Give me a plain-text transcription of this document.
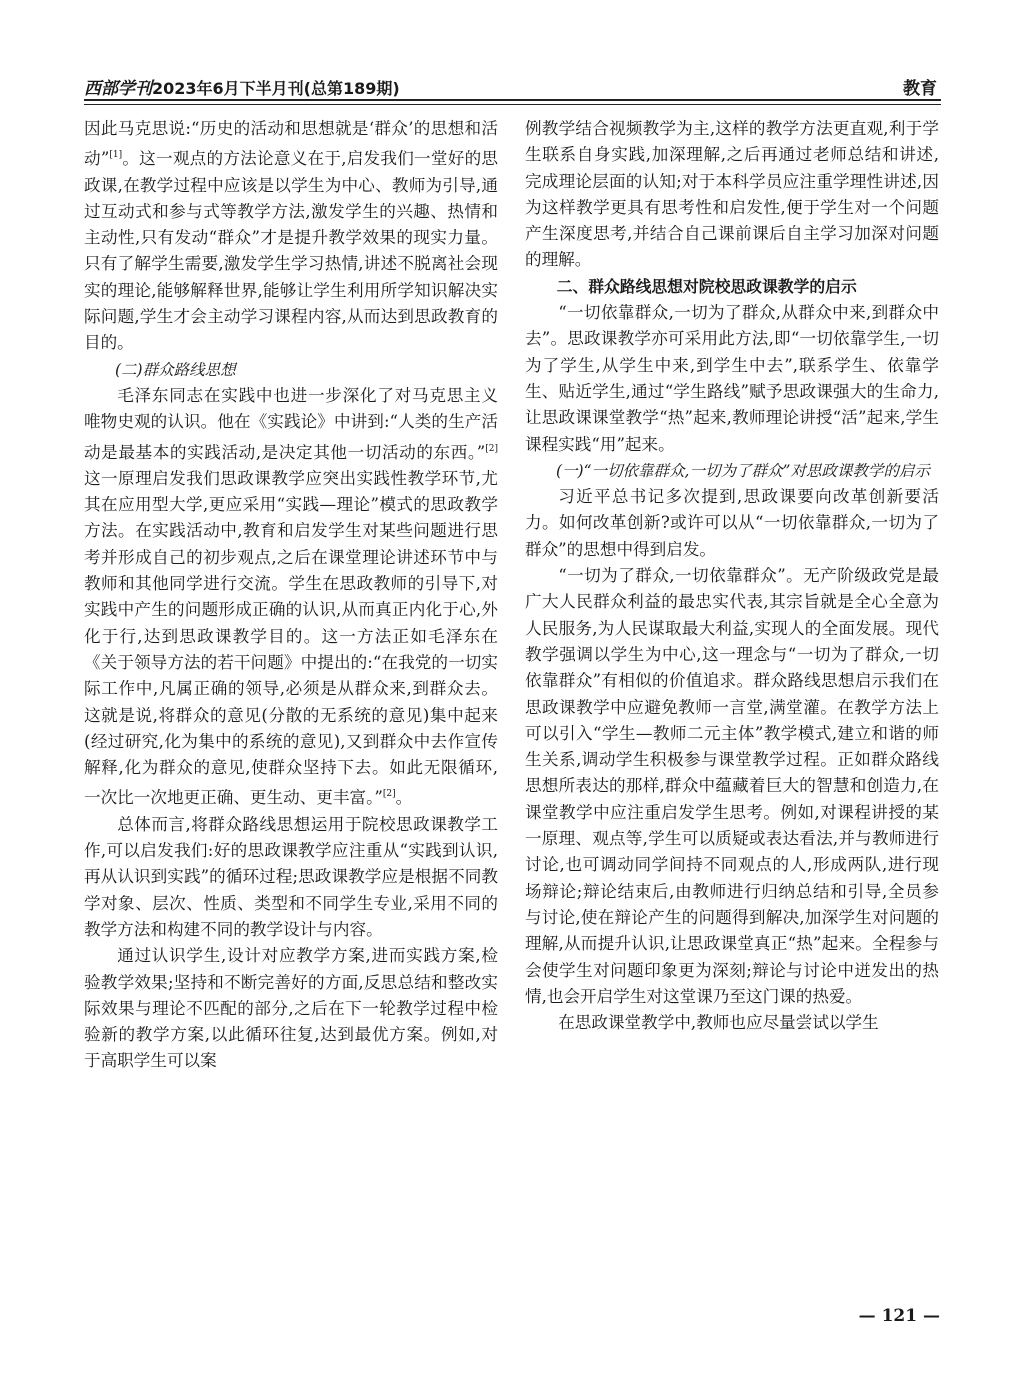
西部学刊2023年6月下半月刊(总第189期)	教育

因此马克思说:“历史的活动和思想就是‘群众’的思想和活动”[1]。这一观点的方法论意义在于,启发我们一堂好的思政课,在教学过程中应该是以学生为中心、教师为引导,通过互动式和参与式等教学方法,激发学生的兴趣、热情和主动性,只有发动“群众”才是提升教学效果的现实力量。只有了解学生需要,激发学生学习热情,讲述不脱离社会现实的理论,能够解释世界,能够让学生利用所学知识解决实际问题,学生才会主动学习课程内容,从而达到思政教育的目的。

(二)群众路线思想

毛泽东同志在实践中也进一步深化了对马克思主义唯物史观的认识。他在《实践论》中讲到:“人类的生产活动是最基本的实践活动,是决定其他一切活动的东西。”[2]这一原理启发我们思政课教学应突出实践性教学环节,尤其在应用型大学,更应采用“实践—理论”模式的思政教学方法。在实践活动中,教育和启发学生对某些问题进行思考并形成自己的初步观点,之后在课堂理论讲述环节中与教师和其他同学进行交流。学生在思政教师的引导下,对实践中产生的问题形成正确的认识,从而真正内化于心,外化于行,达到思政课教学目的。这一方法正如毛泽东在《关于领导方法的若干问题》中提出的:“在我党的一切实际工作中,凡属正确的领导,必须是从群众来,到群众去。这就是说,将群众的意见(分散的无系统的意见)集中起来(经过研究,化为集中的系统的意见),又到群众中去作宣传解释,化为群众的意见,使群众坚持下去。如此无限循环,一次比一次地更正确、更生动、更丰富。”[2]。

总体而言,将群众路线思想运用于院校思政课教学工作,可以启发我们:好的思政课教学应注重从“实践到认识,再从认识到实践”的循环过程;思政课教学应是根据不同教学对象、层次、性质、类型和不同学生专业,采用不同的教学方法和构建不同的教学设计与内容。

通过认识学生,设计对应教学方案,进而实践方案,检验教学效果;坚持和不断完善好的方面,反思总结和整改实际效果与理论不匹配的部分,之后在下一轮教学过程中检验新的教学方案,以此循环往复,达到最优方案。例如,对于高职学生可以案

例教学结合视频教学为主,这样的教学方法更直观,利于学生联系自身实践,加深理解,之后再通过老师总结和讲述,完成理论层面的认知;对于本科学员应注重学理性讲述,因为这样教学更具有思考性和启发性,便于学生对一个问题产生深度思考,并结合自己课前课后自主学习加深对问题的理解。

二、群众路线思想对院校思政课教学的启示

“一切依靠群众,一切为了群众,从群众中来,到群众中去”。思政课教学亦可采用此方法,即“一切依靠学生,一切为了学生,从学生中来,到学生中去”,联系学生、依靠学生、贴近学生,通过“学生路线”赋予思政课强大的生命力,让思政课课堂教学“热”起来,教师理论讲授“活”起来,学生课程实践“用”起来。

(一)“一切依靠群众,一切为了群众”对思政课教学的启示

习近平总书记多次提到,思政课要向改革创新要活力。如何改革创新?或许可以从“一切依靠群众,一切为了群众”的思想中得到启发。

“一切为了群众,一切依靠群众”。无产阶级政党是最广大人民群众利益的最忠实代表,其宗旨就是全心全意为人民服务,为人民谋取最大利益,实现人的全面发展。现代教学强调以学生为中心,这一理念与“一切为了群众,一切依靠群众”有相似的价值追求。群众路线思想启示我们在思政课教学中应避免教师一言堂,满堂灌。在教学方法上可以引入“学生—教师二元主体”教学模式,建立和谐的师生关系,调动学生积极参与课堂教学过程。正如群众路线思想所表达的那样,群众中蕴藏着巨大的智慧和创造力,在课堂教学中应注重启发学生思考。例如,对课程讲授的某一原理、观点等,学生可以质疑或表达看法,并与教师进行讨论,也可调动同学间持不同观点的人,形成两队,进行现场辩论;辩论结束后,由教师进行归纳总结和引导,全员参与讨论,使在辩论产生的问题得到解决,加深学生对问题的理解,从而提升认识,让思政课堂真正“热”起来。全程参与会使学生对问题印象更为深刻;辩论与讨论中迸发出的热情,也会开启学生对这堂课乃至这门课的热爱。

在思政课堂教学中,教师也应尽量尝试以学生

— 121 —
